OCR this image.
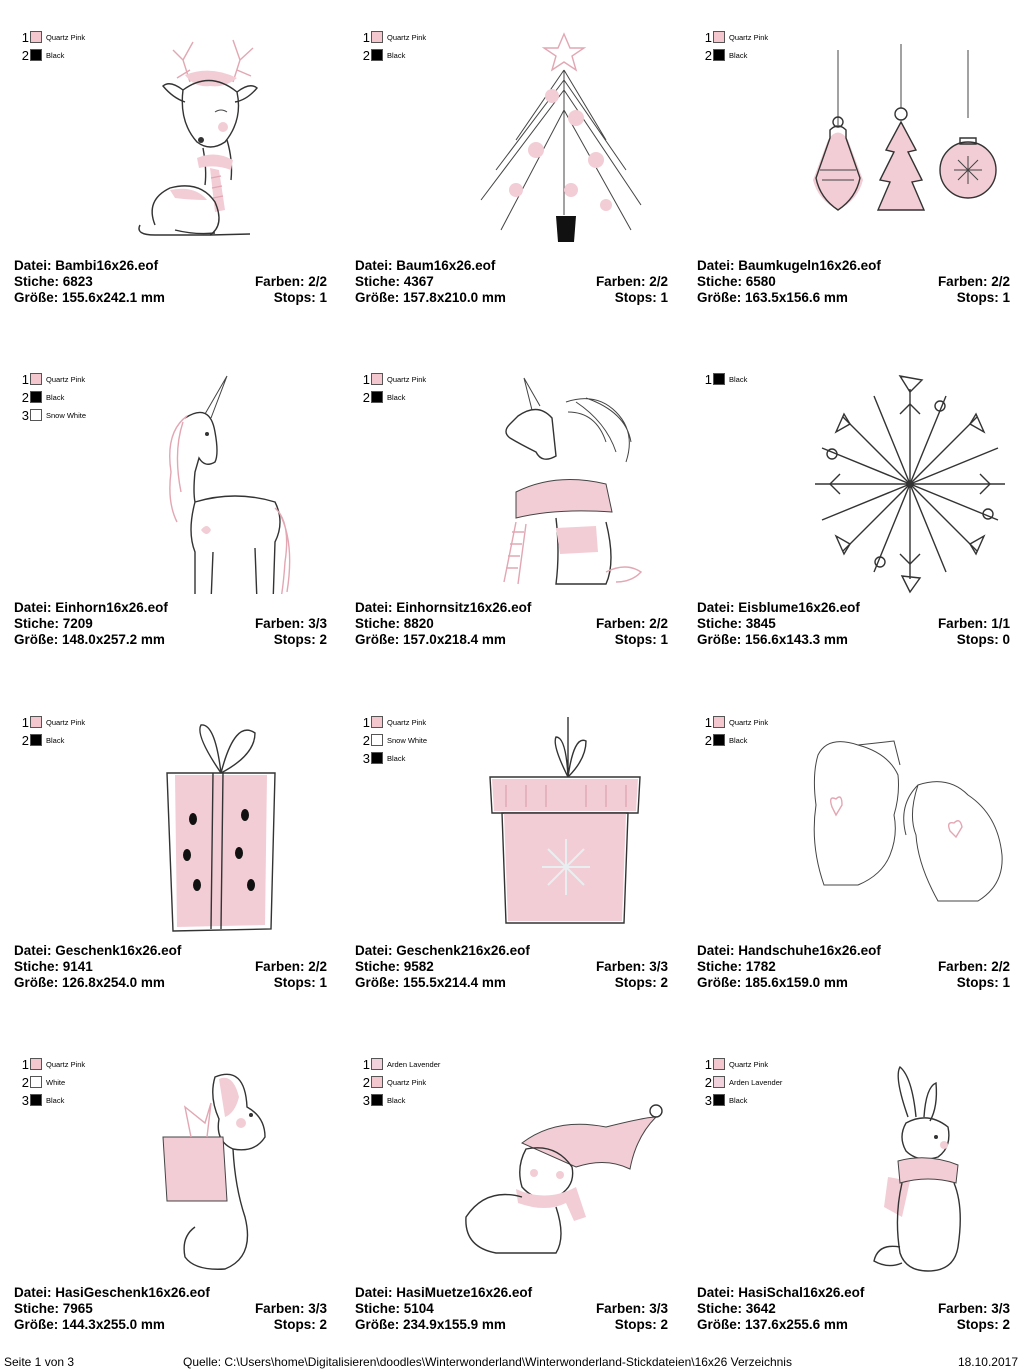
1 Quartz Pink
2 Black
Datei: Bambi16x26.eof
Stiche: 6823	Farben: 2/2
Größe: 155.6x242.1 mm	Stops: 1
1 Quartz Pink
2 Black
Datei: Baum16x26.eof
Stiche: 4367	Farben: 2/2
Größe: 157.8x210.0 mm	Stops: 1
1 Quartz Pink
2 Black
Datei: Baumkugeln16x26.eof
Stiche: 6580	Farben: 2/2
Größe: 163.5x156.6 mm	Stops: 1
1 Quartz Pink
2 Black
3 Snow White
Datei: Einhorn16x26.eof
Stiche: 7209	Farben: 3/3
Größe: 148.0x257.2 mm	Stops: 2
1 Quartz Pink
2 Black
Datei: Einhornsitz16x26.eof
Stiche: 8820	Farben: 2/2
Größe: 157.0x218.4 mm	Stops: 1
1 Black
Datei: Eisblume16x26.eof
Stiche: 3845	Farben: 1/1
Größe: 156.6x143.3 mm	Stops: 0
1 Quartz Pink
2 Black
Datei: Geschenk16x26.eof
Stiche: 9141	Farben: 2/2
Größe: 126.8x254.0 mm	Stops: 1
1 Quartz Pink
2 Snow White
3 Black
Datei: Geschenk216x26.eof
Stiche: 9582	Farben: 3/3
Größe: 155.5x214.4 mm	Stops: 2
1 Quartz Pink
2 Black
Datei: Handschuhe16x26.eof
Stiche: 1782	Farben: 2/2
Größe: 185.6x159.0 mm	Stops: 1
1 Quartz Pink
2 White
3 Black
Datei: HasiGeschenk16x26.eof
Stiche: 7965	Farben: 3/3
Größe: 144.3x255.0 mm	Stops: 2
1 Arden Lavender
2 Quartz Pink
3 Black
Datei: HasiMuetze16x26.eof
Stiche: 5104	Farben: 3/3
Größe: 234.9x155.9 mm	Stops: 2
1 Quartz Pink
2 Arden Lavender
3 Black
Datei: HasiSchal16x26.eof
Stiche: 3642	Farben: 3/3
Größe: 137.6x255.6 mm	Stops: 2
Seite 1 von 3	Quelle: C:\Users\home\Digitalisieren\doodles\Winterwonderland\Winterwonderland-Stickdateien\16x26 Verzeichnis	18.10.2017
